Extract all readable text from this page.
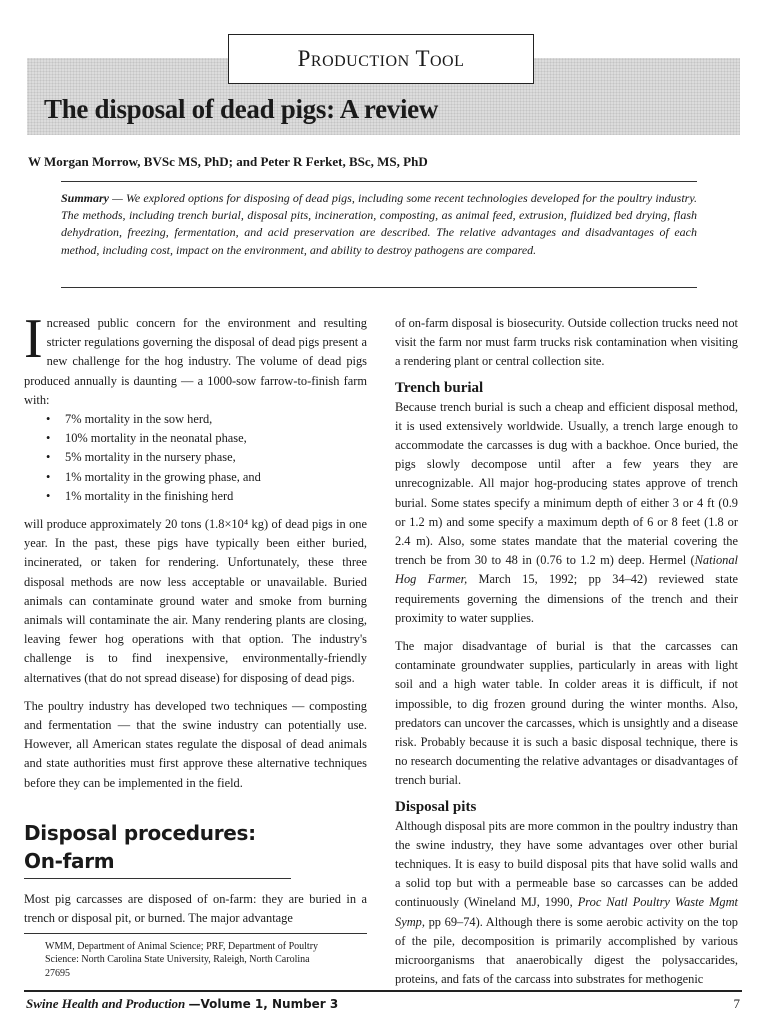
Production Tool
The disposal of dead pigs: A review

W Morgan Morrow, BVSc MS, PhD; and Peter R Ferket, BSc, MS, PhD

Summary — We explored options for disposing of dead pigs, including some recent technologies developed for the poultry industry. The methods, including trench burial, disposal pits, incineration, composting, as animal feed, extrusion, fluidized bed drying, flash dehydration, freezing, fermentation, and acid preservation are described. The relative advantages and disadvantages of each method, including cost, impact on the environment, and ability to destroy pathogens are compared.

Increased public concern for the environment and resulting stricter regulations governing the disposal of dead pigs present a new challenge for the hog industry. The volume of dead pigs produced annually is daunting — a 1000-sow farrow-to-finish farm with:

• 7% mortality in the sow herd,
• 10% mortality in the neonatal phase,
• 5% mortality in the nursery phase,
• 1% mortality in the growing phase, and
• 1% mortality in the finishing herd

will produce approximately 20 tons (1.8×10⁴ kg) of dead pigs in one year. In the past, these pigs have typically been either buried, incinerated, or taken for rendering. Unfortunately, these three disposal methods are now less acceptable or unavailable. Buried animals can contaminate ground water and smoke from burning animals will contaminate the air. Many rendering plants are closing, leaving fewer hog operations with that option. The industry's challenge is to find inexpensive, environmentally-friendly alternatives (that do not spread disease) for disposing of dead pigs.

The poultry industry has developed two techniques — composting and fermentation — that the swine industry can potentially use. However, all American states regulate the disposal of dead animals and state authorities must first approve these alternative techniques before they can be implemented in the field.

Disposal procedures:
On-farm

Most pig carcasses are disposed of on-farm: they are buried in a trench or disposal pit, or burned. The major advantage

WMM, Department of Animal Science; PRF, Department of Poultry Science: North Carolina State University, Raleigh, North Carolina 27695

of on-farm disposal is biosecurity. Outside collection trucks need not visit the farm nor must farm trucks risk contamination when visiting a rendering plant or central collection site.

Trench burial

Because trench burial is such a cheap and efficient disposal method, it is used extensively worldwide. Usually, a trench large enough to accommodate the carcasses is dug with a backhoe. Once buried, the pigs slowly decompose until after a few years they are unrecognizable. All major hog-producing states approve of trench burial. Some states specify a minimum depth of either 3 or 4 ft (0.9 or 1.2 m) and some specify a maximum depth of 6 or 8 feet (1.8 or 2.4 m). Also, some states mandate that the material covering the trench be from 30 to 48 in (0.76 to 1.2 m) deep. Hermel (National Hog Farmer, March 15, 1992; pp 34–42) reviewed state requirements governing the dimensions of the trench and their proximity to water supplies.

The major disadvantage of burial is that the carcasses can contaminate groundwater supplies, particularly in areas with light soil and a high water table. In colder areas it is difficult, if not impossible, to dig frozen ground during the winter months. Also, predators can uncover the carcasses, which is unsightly and a disease risk. Probably because it is such a basic disposal technique, there is no research documenting the relative advantages or disadvantages of trench burial.

Disposal pits

Although disposal pits are more common in the poultry industry than the swine industry, they have some advantages over other burial techniques. It is easy to build disposal pits that have solid walls and a solid top but with a permeable base so carcasses can be added continuously (Wineland MJ, 1990, Proc Natl Poultry Waste Mgmt Symp, pp 69–74). Although there is some aerobic activity on the top of the pile, decomposition is primarily accomplished by various microorganisms that anaerobically digest the polysaccarides, proteins, and fats of the carcass into substrates for methogenic

Swine Health and Production —Volume 1, Number 3	7
